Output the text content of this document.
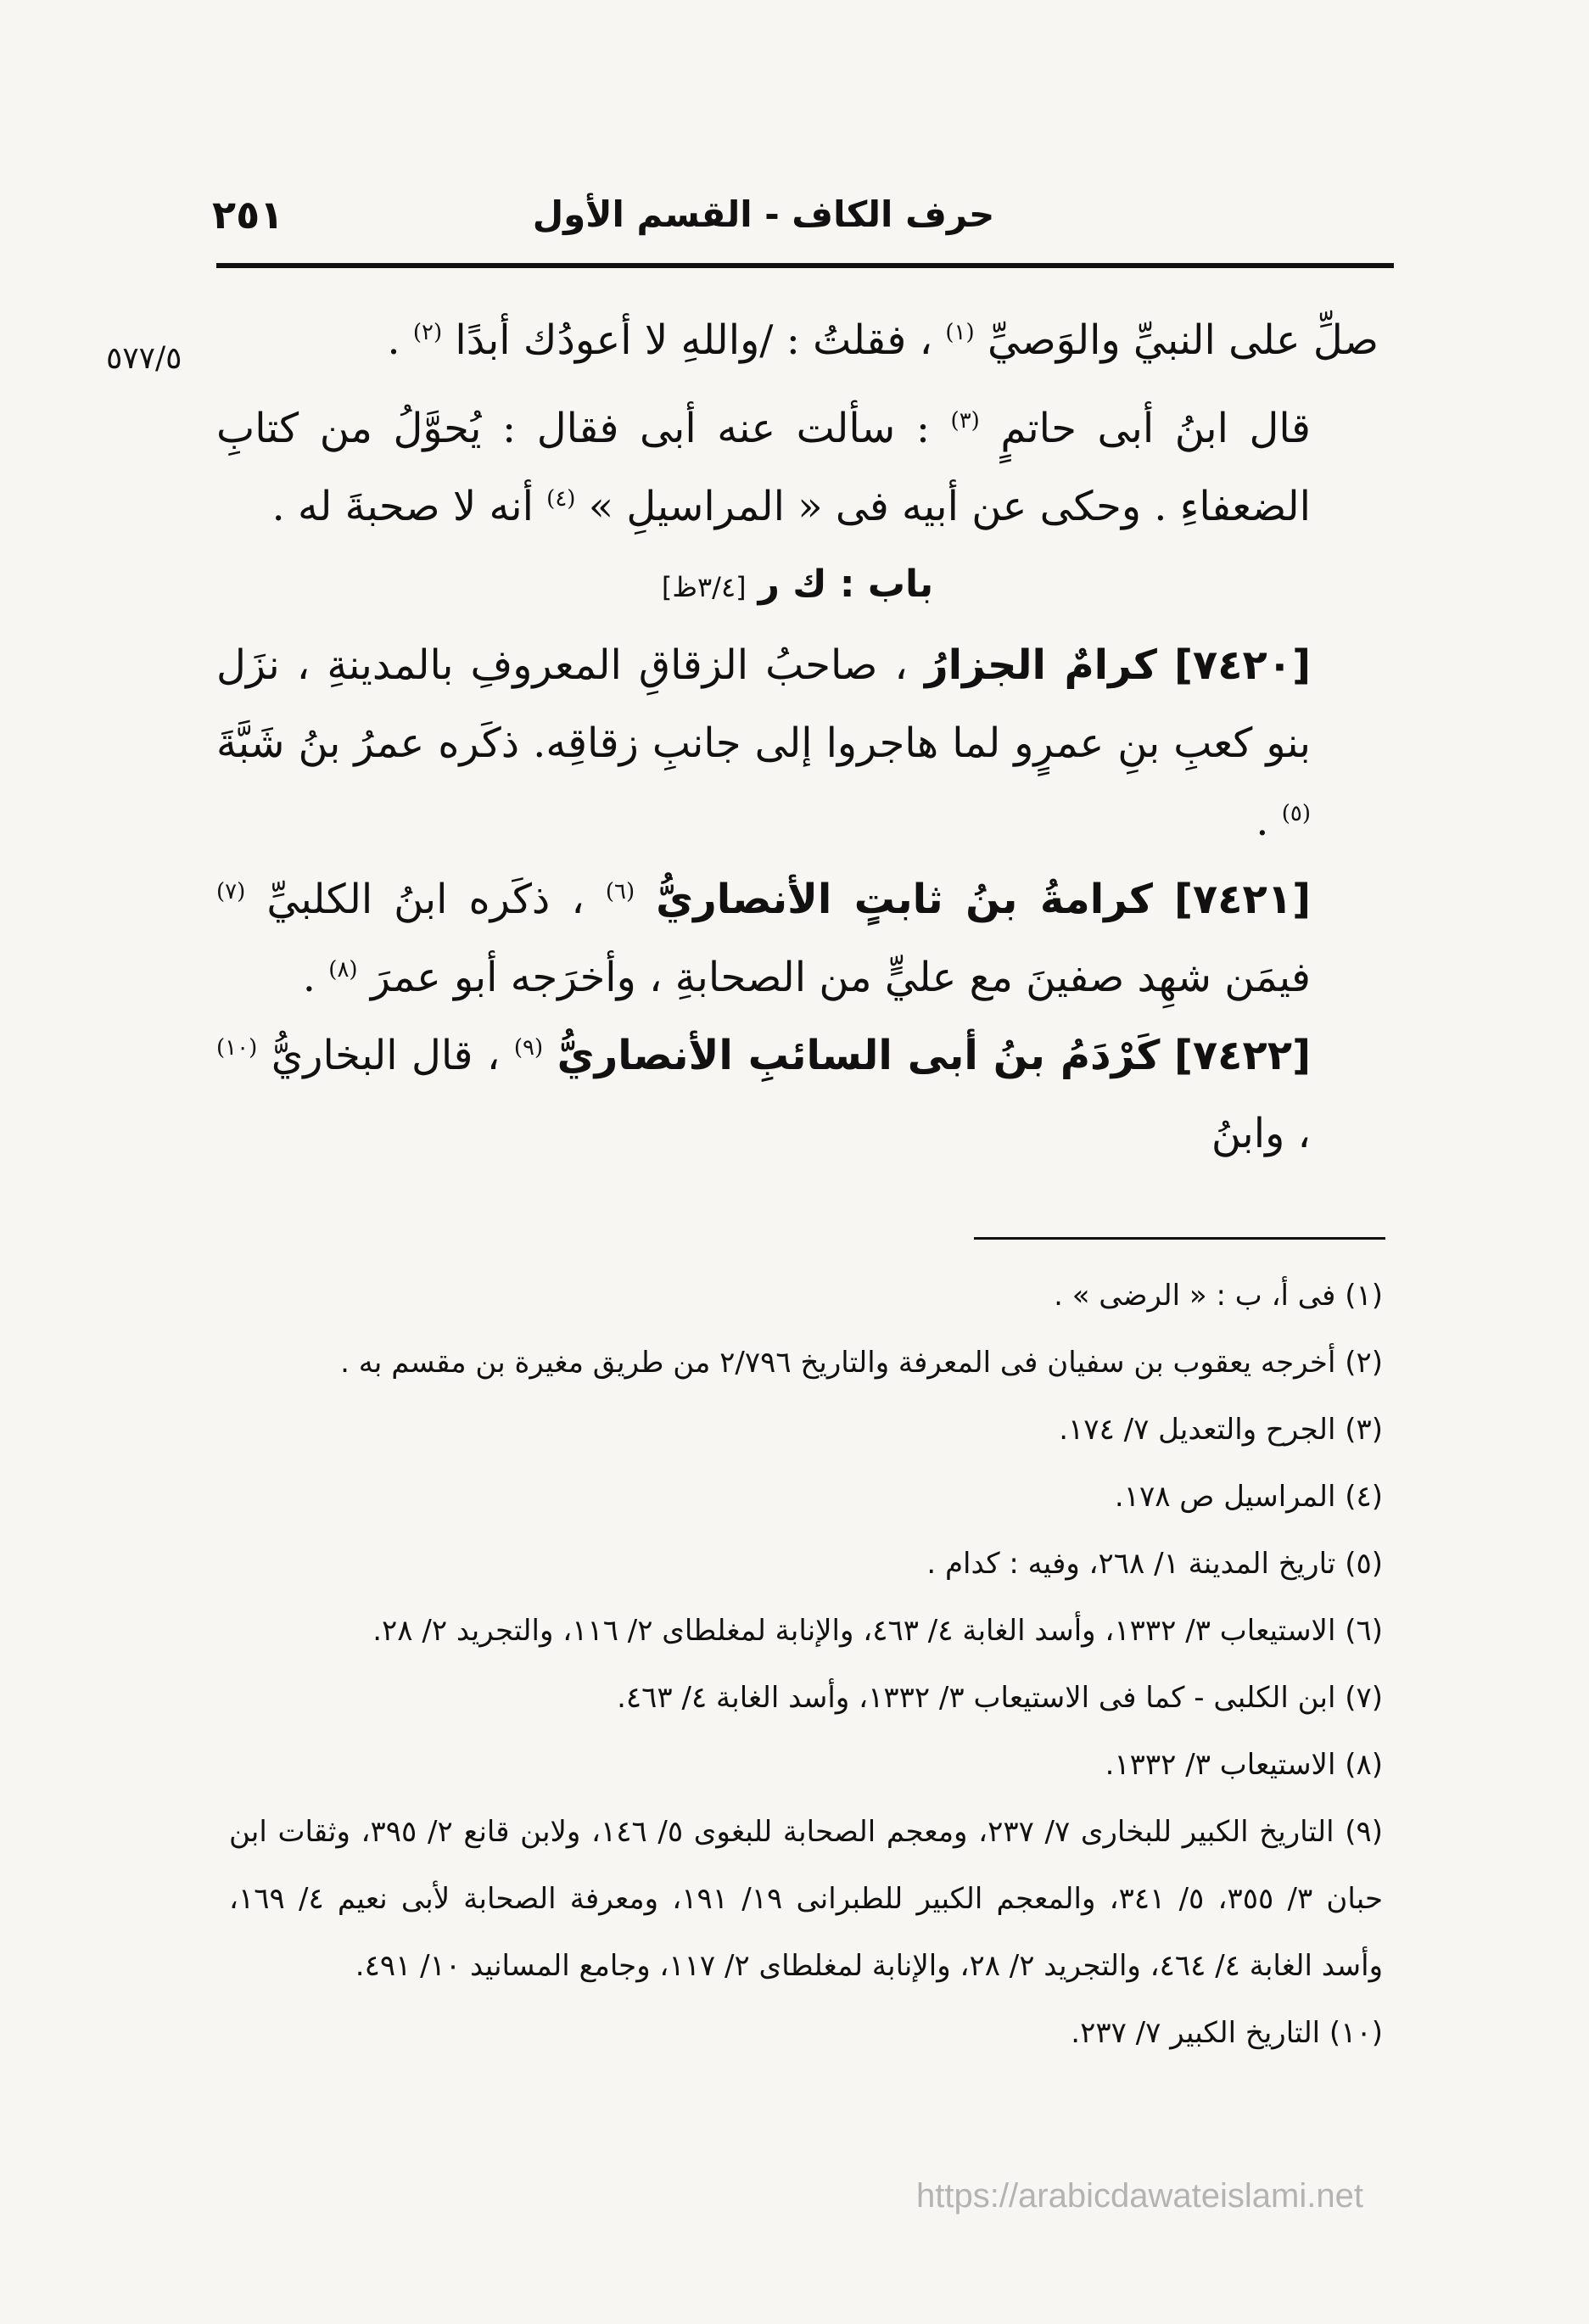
حرف الكاف - القسم الأول
٢٥١
٥٧٧/٥	صلِّ على النبيِّ والوَصيِّ $^{(١)}$ ، فقلتُ : /واللهِ لا أعودُك أبدًا $^{(٢)}$ .

قال ابنُ أبى حاتمٍ $^{(٣)}$ : سألت عنه أبى فقال : يُحوَّلُ من كتابِ الضعفاءِ . وحكى عن أبيه فى « المراسيلِ » $^{(٤)}$ أنه لا صحبةَ له .

باب : ك ر [٣/٤ظ]

[٧٤٢٠] كرامٌ الجزارُ ، صاحبُ الزقاقِ المعروفِ بالمدينةِ ، نزَل بنو كعبِ بنِ عمرٍو لما هاجروا إلى جانبِ زقاقِه. ذكَره عمرُ بنُ شَبَّةَ $^{(٥)}$ .

[٧٤٢١] كرامةُ بنُ ثابتٍ الأنصاريُّ $^{(٦)}$ ، ذكَره ابنُ الكلبيِّ $^{(٧)}$ فيمَن شهِد صفينَ مع عليٍّ من الصحابةِ ، وأخرَجه أبو عمرَ $^{(٨)}$ .

[٧٤٢٢] كَرْدَمُ بنُ أبى السائبِ الأنصاريُّ $^{(٩)}$ ، قال البخاريُّ $^{(١٠)}$ ، وابنُ

(١) فى أ، ب : « الرضى » .

(٢) أخرجه يعقوب بن سفيان فى المعرفة والتاريخ ٢/٧٩٦ من طريق مغيرة بن مقسم به .

(٣) الجرح والتعديل ٧/ ١٧٤.

(٤) المراسيل ص ١٧٨.

(٥) تاريخ المدينة ١/ ٢٦٨، وفيه : كدام .

(٦) الاستيعاب ٣/ ١٣٣٢، وأسد الغابة ٤/ ٤٦٣، والإنابة لمغلطاى ٢/ ١١٦، والتجريد ٢/ ٢٨.

(٧) ابن الكلبى - كما فى الاستيعاب ٣/ ١٣٣٢، وأسد الغابة ٤/ ٤٦٣.

(٨) الاستيعاب ٣/ ١٣٣٢.

(٩) التاريخ الكبير للبخارى ٧/ ٢٣٧، ومعجم الصحابة للبغوى ٥/ ١٤٦، ولابن قانع ٢/ ٣٩٥، وثقات ابن حبان ٣/ ٣٥٥، ٥/ ٣٤١، والمعجم الكبير للطبرانى ١٩/ ١٩١، ومعرفة الصحابة لأبى نعيم ٤/ ١٦٩، وأسد الغابة ٤/ ٤٦٤، والتجريد ٢/ ٢٨، والإنابة لمغلطاى ٢/ ١١٧، وجامع المسانيد ١٠/ ٤٩١.

(١٠) التاريخ الكبير ٧/ ٢٣٧.

https://arabicdawateislami.net
